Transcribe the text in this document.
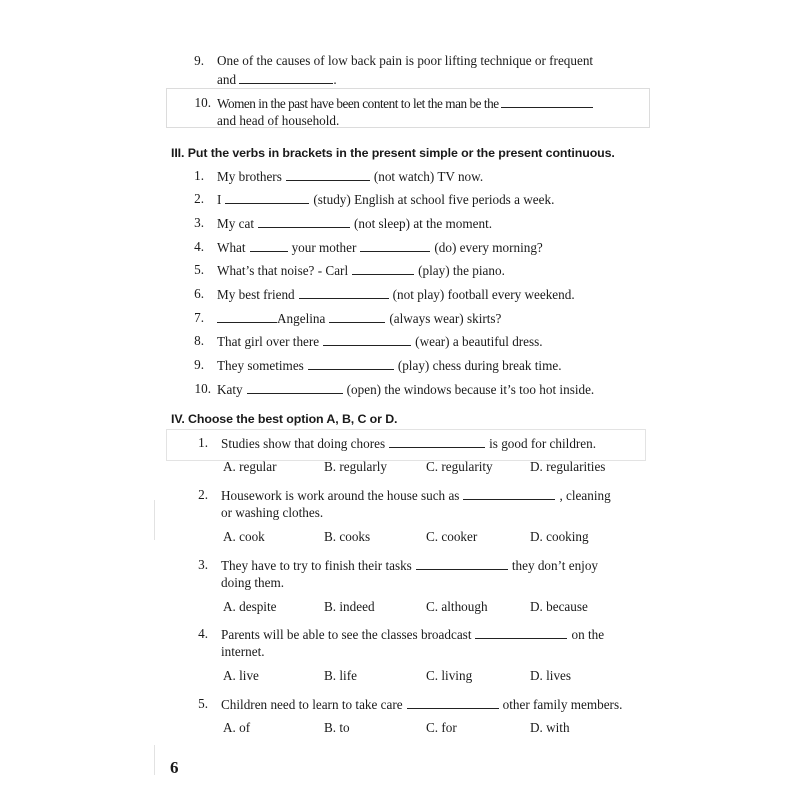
9. One of the causes of low back pain is poor lifting technique or frequent
and	.
10. Women in the past have been content to let the man be the
and head of household.
III. Put the verbs in brackets in the present simple or the present continuous.
1. My brothers	(not watch) TV now.
2. I	(study) English at school five periods a week.
3. My cat	(not sleep) at the moment.
4. What	your mother	(do) every morning?
5. What’s that noise? - Carl	(play) the piano.
6. My best friend	(not play) football every weekend.
7.	Angelina	(always wear) skirts?
8. That girl over there	(wear) a beautiful dress.
9. They sometimes	(play) chess during break time.
10. Katy	(open) the windows because it’s too hot inside.
IV. Choose the best option A, B, C or D.
1. Studies show that doing chores	is good for children.
A. regular	B. regularly	C. regularity	D. regularities
2. Housework is work around the house such as	, cleaning
or washing clothes.
A. cook	B. cooks	C. cooker	D. cooking
3. They have to try to finish their tasks	they don’t enjoy
doing them.
A. despite	B. indeed	C. although	D. because
4. Parents will be able to see the classes broadcast	on the
internet.
A. live	B. life	C. living	D. lives
5. Children need to learn to take care	other family members.
A. of	B. to	C. for	D. with
6
